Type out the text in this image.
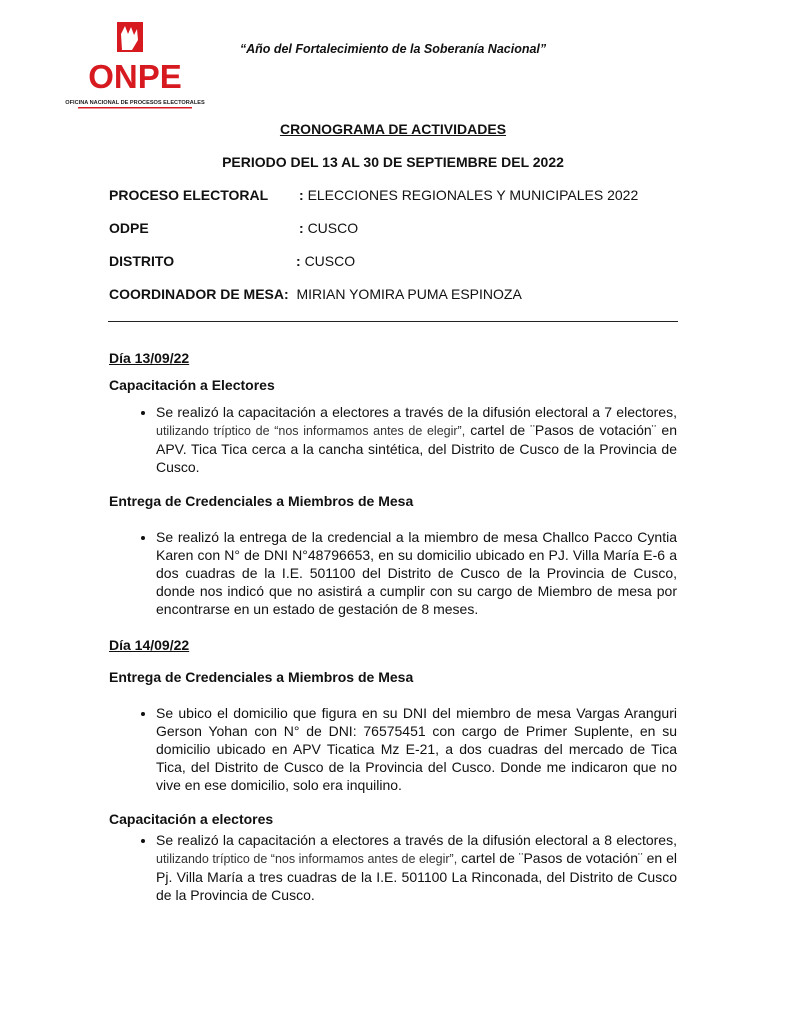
ONPE
OFICINA NACIONAL DE PROCESOS ELECTORALES
“Año del Fortalecimiento de la Soberanía Nacional”
CRONOGRAMA DE ACTIVIDADES
PERIODO DEL 13 AL 30 DE SEPTIEMBRE DEL 2022
PROCESO ELECTORAL : ELECCIONES REGIONALES Y MUNICIPALES 2022
ODPE	: CUSCO
DISTRITO	: CUSCO
COORDINADOR DE MESA: MIRIAN YOMIRA PUMA ESPINOZA

Día 13/09/22

Capacitación a Electores

• Se realizó la capacitación a electores a través de la difusión electoral a 7 electores, utilizando tríptico de “nos informamos antes de elegir”, cartel de ¨Pasos de votación¨ en APV. Tica Tica cerca a la cancha sintética, del Distrito de Cusco de la Provincia de Cusco.

Entrega de Credenciales a Miembros de Mesa

• Se realizó la entrega de la credencial a la miembro de mesa Challco Pacco Cyntia Karen con N° de DNI N°48796653, en su domicilio ubicado en PJ. Villa María E-6 a dos cuadras de la I.E. 501100 del Distrito de Cusco de la Provincia de Cusco, donde nos indicó que no asistirá a cumplir con su cargo de Miembro de mesa por encontrarse en un estado de gestación de 8 meses.

Día 14/09/22

Entrega de Credenciales a Miembros de Mesa

• Se ubico el domicilio que figura en su DNI del miembro de mesa Vargas Aranguri Gerson Yohan con N° de DNI: 76575451 con cargo de Primer Suplente, en su domicilio ubicado en APV Ticatica Mz E-21, a dos cuadras del mercado de Tica Tica, del Distrito de Cusco de la Provincia del Cusco. Donde me indicaron que no vive en ese domicilio, solo era inquilino.

Capacitación a electores

• Se realizó la capacitación a electores a través de la difusión electoral a 8 electores, utilizando tríptico de “nos informamos antes de elegir”, cartel de ¨Pasos de votación¨ en el Pj. Villa María a tres cuadras de la I.E. 501100 La Rinconada, del Distrito de Cusco de la Provincia de Cusco.
